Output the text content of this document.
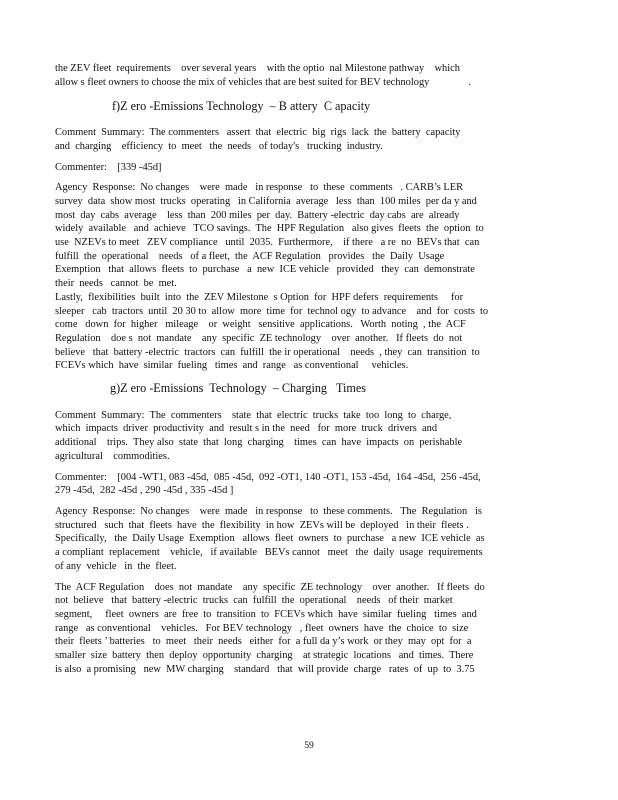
the ZEV fleet  requirements    over several years    with the optio  nal Milestone pathway    which
allow s fleet owners to choose the mix of vehicles that are best suited for BEV technology               .

f)Z ero -Emissions Technology  – B attery  C apacity

Comment  Summary:  The commenters   assert  that  electric  big  rigs  lack  the  battery  capacity
and  charging    efficiency  to  meet   the  needs   of today's   trucking  industry.

Commenter:    [339 -45d]

Agency  Response:  No changes    were  made   in response   to  these  comments   . CARB’s LER
survey  data  show most  trucks  operating   in California  average   less  than  100 miles  per da y and
most  day  cabs  average    less  than  200 miles  per  day.  Battery -electric  day cabs  are  already
widely  available   and  achieve   TCO savings.  The  HPF Regulation   also gives  fleets  the  option  to
use  NZEVs to meet   ZEV compliance   until  2035.  Furthermore,    if there   a re  no  BEVs that  can
fulfill  the  operational    needs   of a fleet,  the  ACF Regulation   provides   the  Daily  Usage
Exemption   that  allows  fleets  to  purchase   a  new  ICE vehicle   provided   they  can  demonstrate
their  needs   cannot  be  met.

Lastly,  flexibilities  built  into  the  ZEV Milestone  s Option  for  HPF defers  requirements     for
sleeper   cab  tractors  until  20 30 to  allow  more  time  for  technol ogy  to advance    and  for  costs  to
come   down  for  higher   mileage    or  weight   sensitive  applications.   Worth  noting  , the  ACF
Regulation    doe s  not  mandate    any  specific  ZE technology    over  another.   If fleets  do  not
believe   that  battery -electric  tractors  can  fulfill  the ir operational    needs  , they  can  transition  to
FCEVs which  have  similar  fueling   times  and  range   as conventional     vehicles.

g)Z ero -Emissions  Technology  – Charging   Times

Comment  Summary:  The  commenters    state  that  electric  trucks  take  too  long  to  charge,
which  impacts  driver  productivity  and  result s in the  need   for  more  truck  drivers  and
additional    trips.  They also  state  that  long  charging    times  can  have  impacts  on  perishable
agricultural    commodities.

Commenter:    [004 -WT1, 083 -45d,  085 -45d,  092 -OT1, 140 -OT1, 153 -45d,  164 -45d,  256 -45d,
279 -45d,  282 -45d , 290 -45d , 335 -45d ]

Agency  Response:  No changes    were  made   in response   to  these comments.   The  Regulation   is
structured   such  that  fleets  have  the  flexibility  in how  ZEVs will be  deployed   in their  fleets .
Specifically,   the  Daily Usage  Exemption   allows  fleet  owners  to  purchase   a new  ICE vehicle  as
a compliant  replacement    vehicle,   if available   BEVs cannot   meet   the  daily  usage  requirements
of any  vehicle   in  the  fleet.

The  ACF Regulation    does  not  mandate    any  specific  ZE technology    over  another.   If fleets  do
not  believe   that  battery -electric  trucks  can  fulfill  the  operational    needs   of their  market
segment,     fleet  owners  are  free  to  transition  to  FCEVs which  have  similar  fueling   times  and
range   as conventional    vehicles.   For BEV technology   , fleet  owners  have  the  choice  to  size
their  fleets ’ batteries   to  meet   their  needs   either  for  a full da y’s work  or they  may  opt  for  a
smaller  size  battery  then  deploy  opportunity  charging    at strategic  locations   and  times.  There
is also  a promising   new  MW charging    standard   that  will provide  charge   rates  of  up  to  3.75

59
